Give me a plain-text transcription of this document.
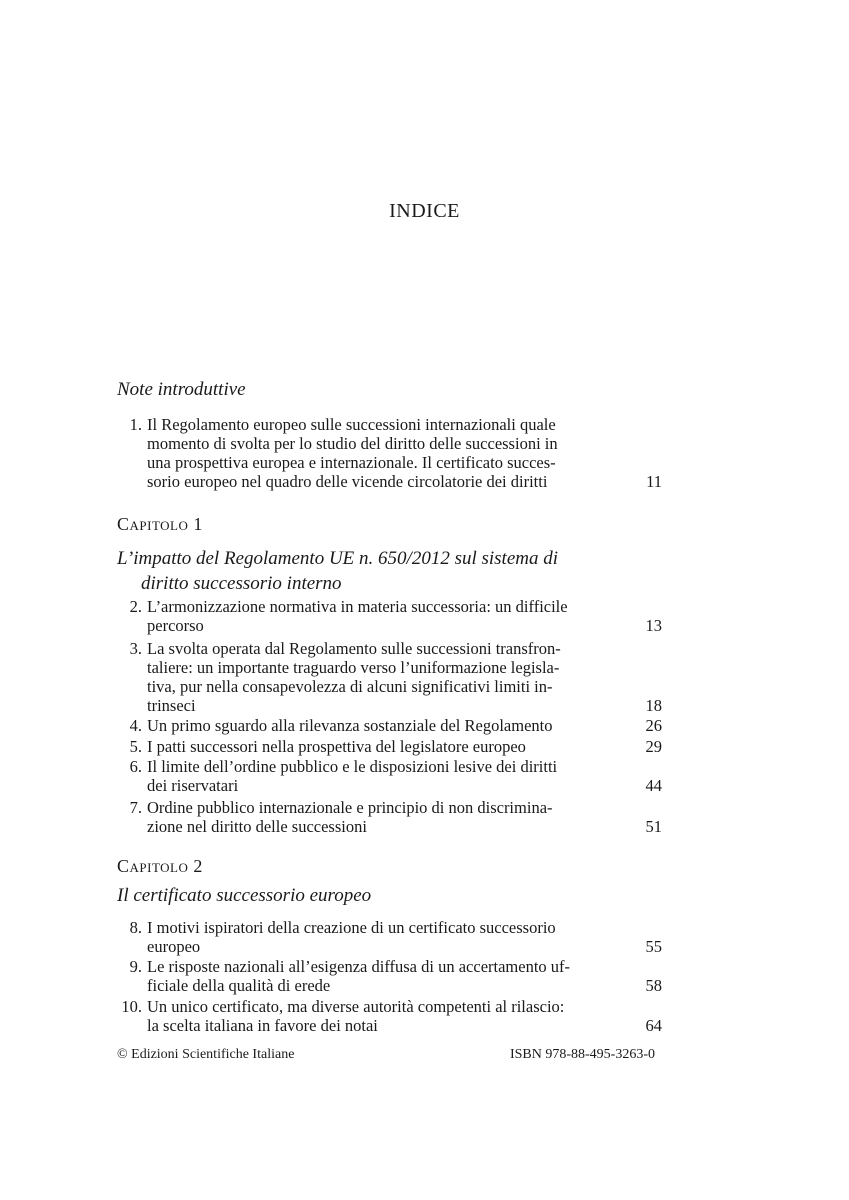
INDICE
Note introduttive
1. Il Regolamento europeo sulle successioni internazionali quale
momento di svolta per lo studio del diritto delle successioni in
una prospettiva europea e internazionale. Il certificato succes-
sorio europeo nel quadro delle vicende circolatorie dei diritti	11
Capitolo 1
L’impatto del Regolamento UE n. 650/2012 sul sistema di
diritto successorio interno
2. L’armonizzazione normativa in materia successoria: un difficile
percorso	13
3. La svolta operata dal Regolamento sulle successioni transfron-
taliere: un importante traguardo verso l’uniformazione legisla-
tiva, pur nella consapevolezza di alcuni significativi limiti in-
trinseci	18
4. Un primo sguardo alla rilevanza sostanziale del Regolamento	26
5. I patti successori nella prospettiva del legislatore europeo	29
6. Il limite dell’ordine pubblico e le disposizioni lesive dei diritti
dei riservatari	44
7. Ordine pubblico internazionale e principio di non discrimina-
zione nel diritto delle successioni	51
Capitolo 2
Il certificato successorio europeo
8. I motivi ispiratori della creazione di un certificato successorio
europeo	55
9. Le risposte nazionali all’esigenza diffusa di un accertamento uf-
ficiale della qualità di erede	58
10. Un unico certificato, ma diverse autorità competenti al rilascio:
la scelta italiana in favore dei notai	64
© Edizioni Scientifiche Italiane	ISBN 978-88-495-3263-0
